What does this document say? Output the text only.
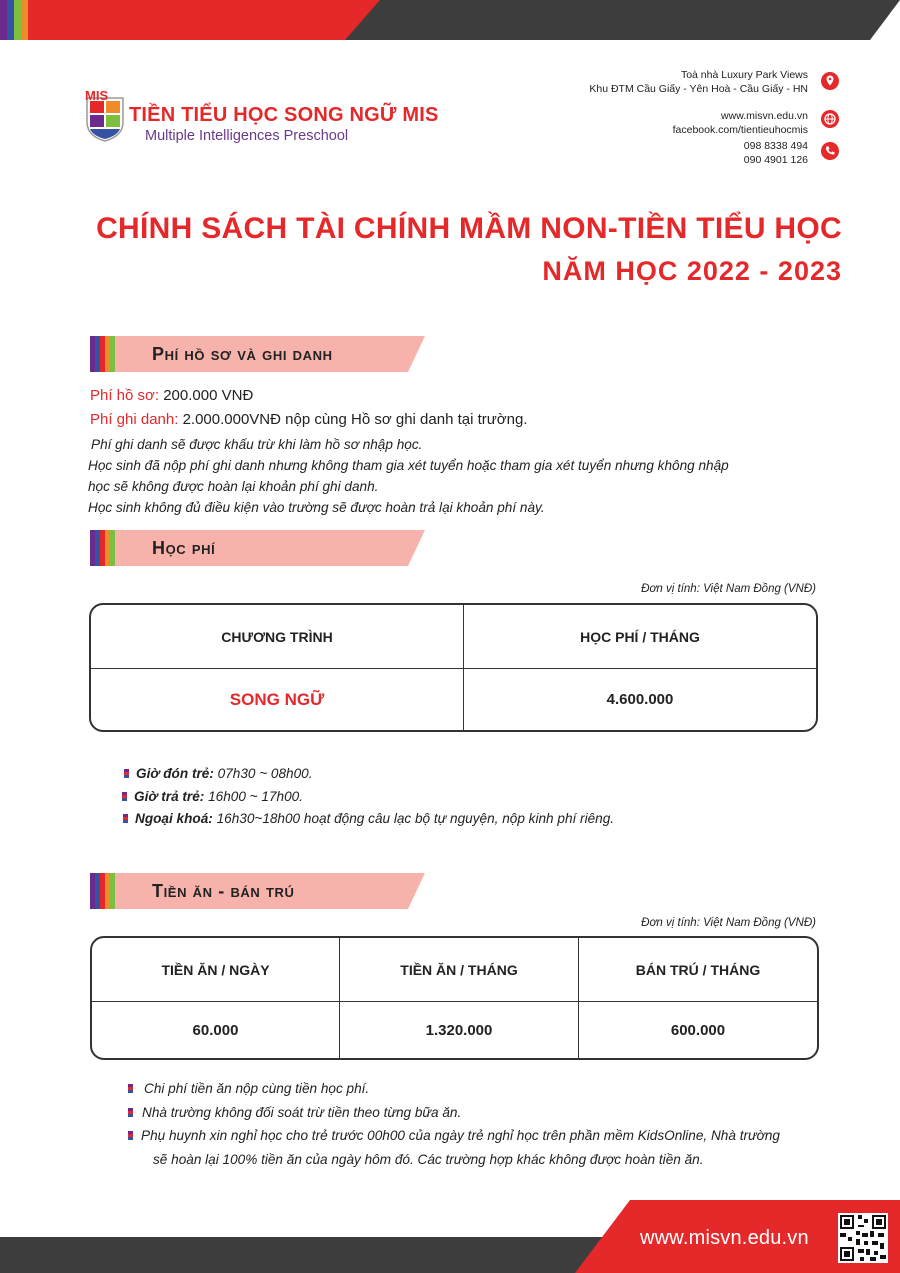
MIS
TIỀN TIỂU HỌC SONG NGỮ MIS
Multiple Intelligences Preschool
Toà nhà Luxury Park Views
Khu ĐTM Cầu Giấy - Yên Hoà - Cầu Giấy - HN
www.misvn.edu.vn
facebook.com/tientieuhocmis
098 8338 494
090 4901 126
CHÍNH SÁCH TÀI CHÍNH MẦM NON-TIỀN TIỂU HỌC
NĂM HỌC 2022 - 2023
Phí hồ sơ và ghi danh
Phí hồ sơ: 200.000 VNĐ
Phí ghi danh: 2.000.000VNĐ nộp cùng Hồ sơ ghi danh tại trường.
Phí ghi danh sẽ được khấu trừ khi làm hồ sơ nhập học.
Học sinh đã nộp phí ghi danh nhưng không tham gia xét tuyển hoặc tham gia xét tuyển nhưng không nhập
học sẽ không được hoàn lại khoản phí ghi danh.
Học sinh không đủ điều kiện vào trường sẽ được hoàn trả lại khoản phí này.
Học phí
Đơn vị tính: Việt Nam Đồng (VNĐ)
CHƯƠNG TRÌNH	HỌC PHÍ / THÁNG
SONG NGỮ	4.600.000
Giờ đón trẻ: 07h30 ~ 08h00.
Giờ trả trẻ: 16h00 ~ 17h00.
Ngoại khoá: 16h30~18h00 hoạt động câu lạc bộ tự nguyện, nộp kinh phí riêng.
Tiền ăn - bán trú
Đơn vị tính: Việt Nam Đồng (VNĐ)
TIỀN ĂN / NGÀY	TIỀN ĂN / THÁNG	BÁN TRÚ / THÁNG
60.000	1.320.000	600.000
Chi phí tiền ăn nộp cùng tiền học phí.
Nhà trường không đối soát trừ tiền theo từng bữa ăn.
Phụ huynh xin nghỉ học cho trẻ trước 00h00 của ngày trẻ nghỉ học trên phần mềm KidsOnline, Nhà trường
sẽ hoàn lại 100% tiền ăn của ngày hôm đó. Các trường hợp khác không được hoàn tiền ăn.
www.misvn.edu.vn
